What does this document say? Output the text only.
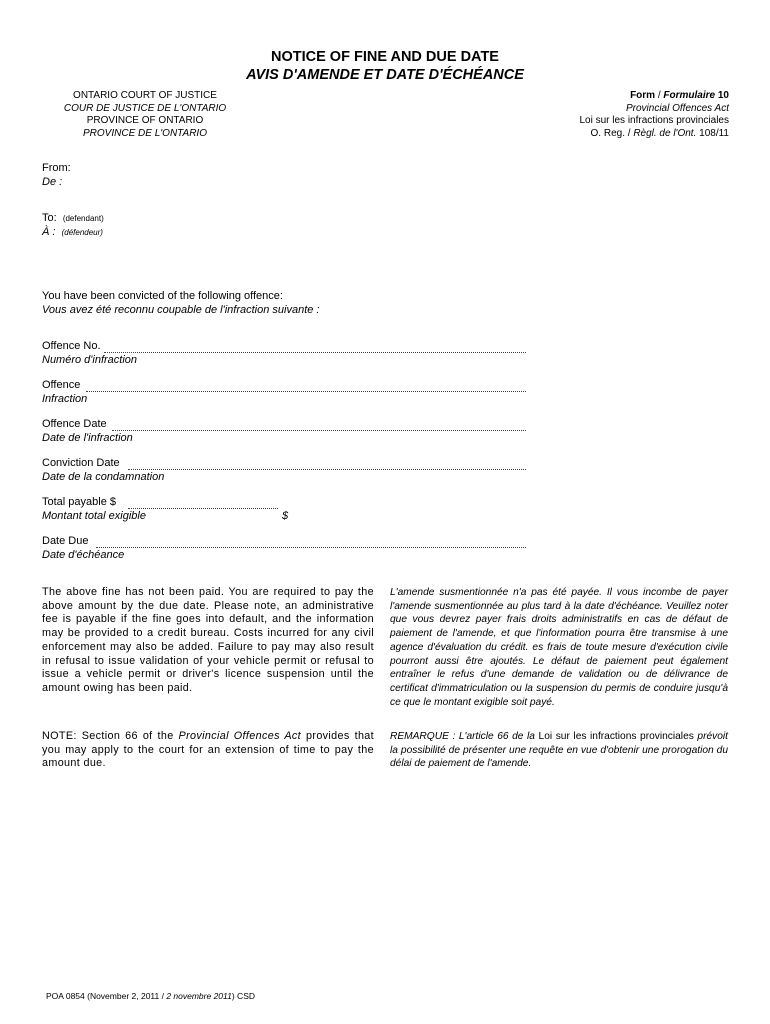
NOTICE OF FINE AND DUE DATE
AVIS D'AMENDE ET DATE D'ÉCHÉANCE
ONTARIO COURT OF JUSTICE
COUR DE JUSTICE DE L'ONTARIO
PROVINCE OF ONTARIO
PROVINCE DE L'ONTARIO
Form / Formulaire 10
Provincial Offences Act
Loi sur les infractions provinciales
O. Reg. / Règl. de l'Ont. 108/11
From:
De :
To: (defendant)
À : (défendeur)
You have been convicted of the following offence:
Vous avez été reconnu coupable de l'infraction suivante :
Offence No.
Numéro d'infraction
Offence
Infraction
Offence Date
Date de l'infraction
Conviction Date
Date de la condamnation
Total payable $
Montant total exigible	$
Date Due
Date d'échéance
The above fine has not been paid. You are required to pay the above amount by the due date. Please note, an administrative fee is payable if the fine goes into default, and the information may be provided to a credit bureau. Costs incurred for any civil enforcement may also be added. Failure to pay may also result in refusal to issue validation of your vehicle permit or refusal to issue a vehicle permit or driver's licence suspension until the amount owing has been paid.
L'amende susmentionnée n'a pas été payée. Il vous incombe de payer l'amende susmentionnée au plus tard à la date d'échéance. Veuillez noter que vous devrez payer frais droits administratifs en cas de défaut de paiement de l'amende, et que l'information pourra être transmise à une agence d'évaluation du crédit. es frais de toute mesure d'exécution civile pourront aussi être ajoutés. Le défaut de paiement peut également entraîner le refus d'une demande de validation ou de délivrance de certificat d'immatriculation ou la suspension du permis de conduire jusqu'à ce que le montant exigible soit payé.
NOTE: Section 66 of the Provincial Offences Act provides that you may apply to the court for an extension of time to pay the amount due.
REMARQUE : L'article 66 de la Loi sur les infractions provinciales prévoit la possibilité de présenter une requête en vue d'obtenir une prorogation du délai de paiement de l'amende.
POA 0854 (November 2, 2011 / 2 novembre 2011) CSD
